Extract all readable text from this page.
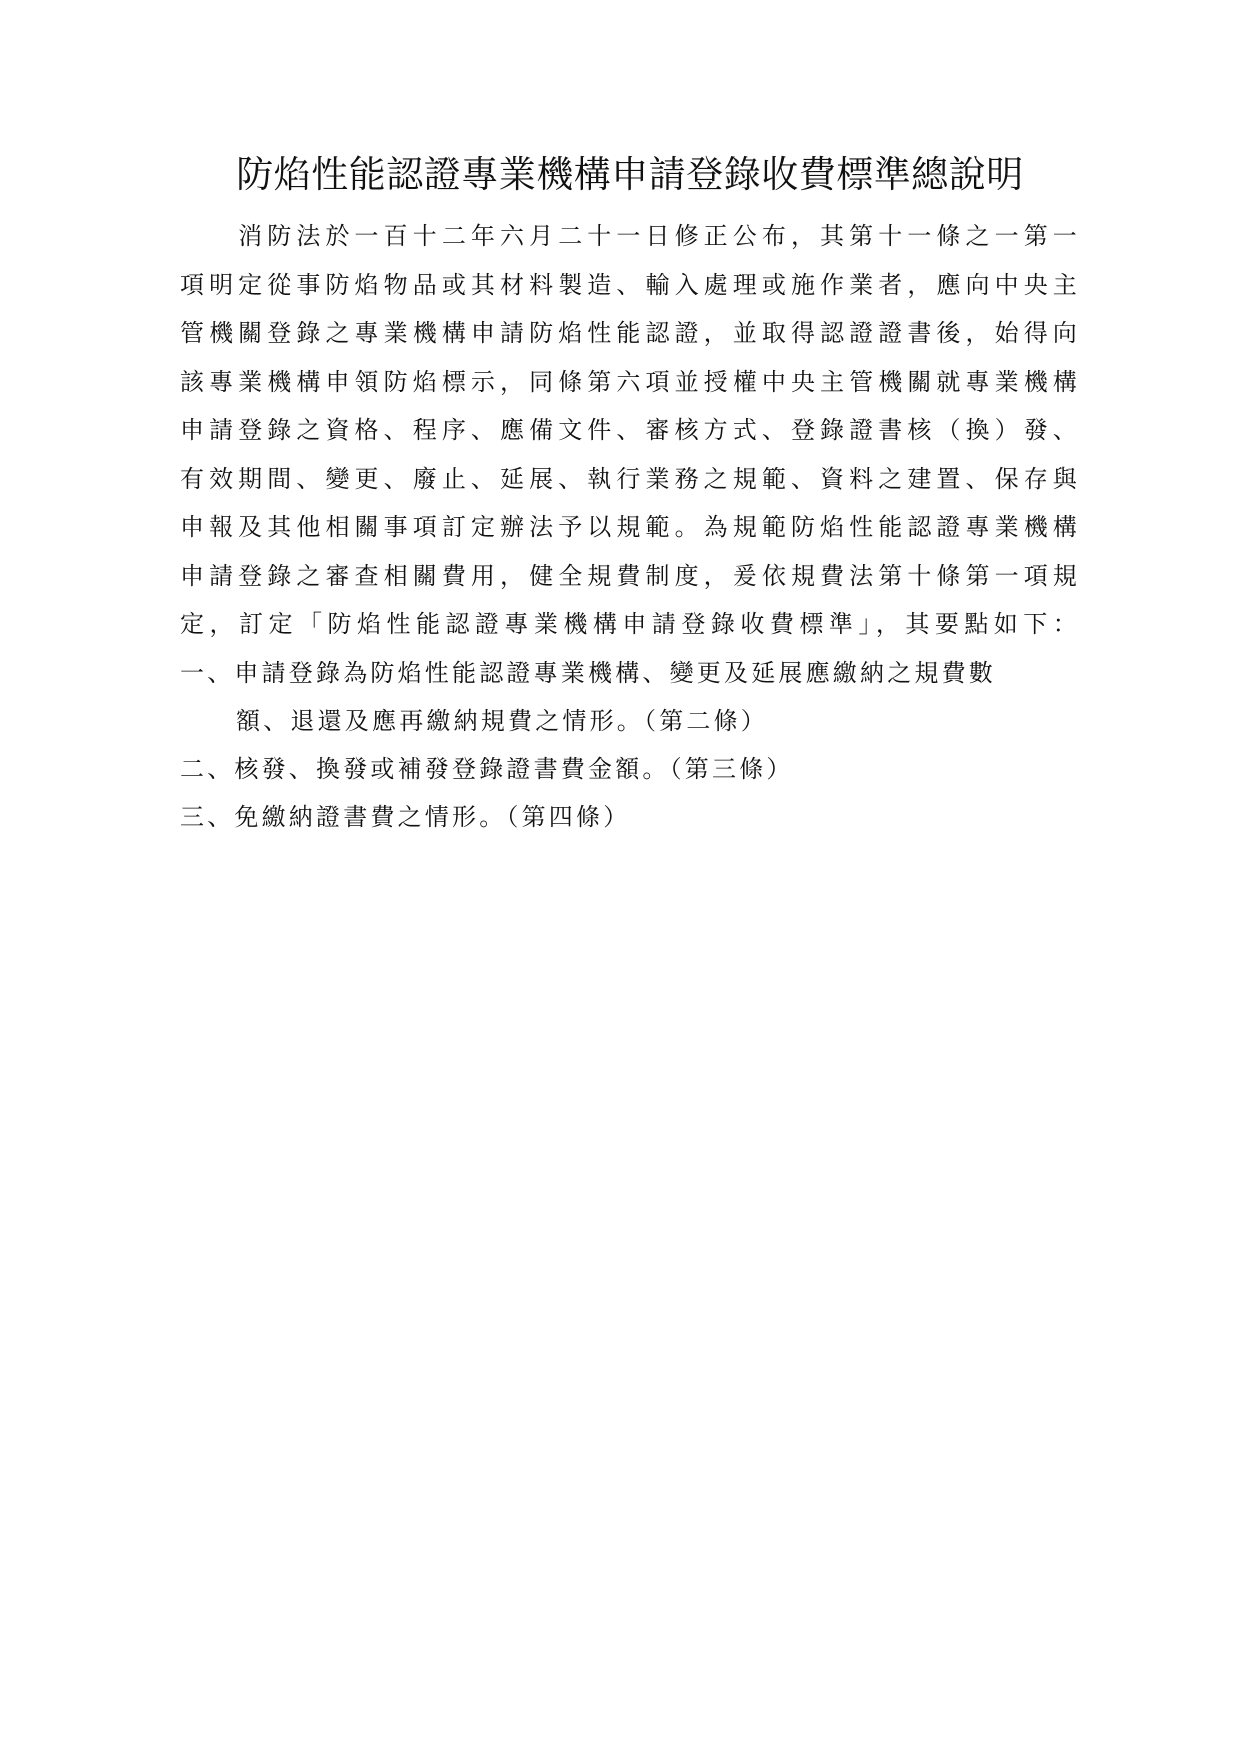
防焰性能認證專業機構申請登錄收費標準總說明
　　消防法於一百十二年六月二十一日修正公布，其第十一條之一第一
項明定從事防焰物品或其材料製造、輸入處理或施作業者，應向中央主
管機關登錄之專業機構申請防焰性能認證，並取得認證證書後，始得向
該專業機構申領防焰標示，同條第六項並授權中央主管機關就專業機構
申請登錄之資格、程序、應備文件、審核方式、登錄證書核（換）發、
有效期間、變更、廢止、延展、執行業務之規範、資料之建置、保存與
申報及其他相關事項訂定辦法予以規範。為規範防焰性能認證專業機構
申請登錄之審查相關費用，健全規費制度，爰依規費法第十條第一項規
定，訂定「防焰性能認證專業機構申請登錄收費標準」，其要點如下：
一、申請登錄為防焰性能認證專業機構、變更及延展應繳納之規費數
額、退還及應再繳納規費之情形。（第二條）
二、核發、換發或補發登錄證書費金額。（第三條）
三、免繳納證書費之情形。（第四條）
